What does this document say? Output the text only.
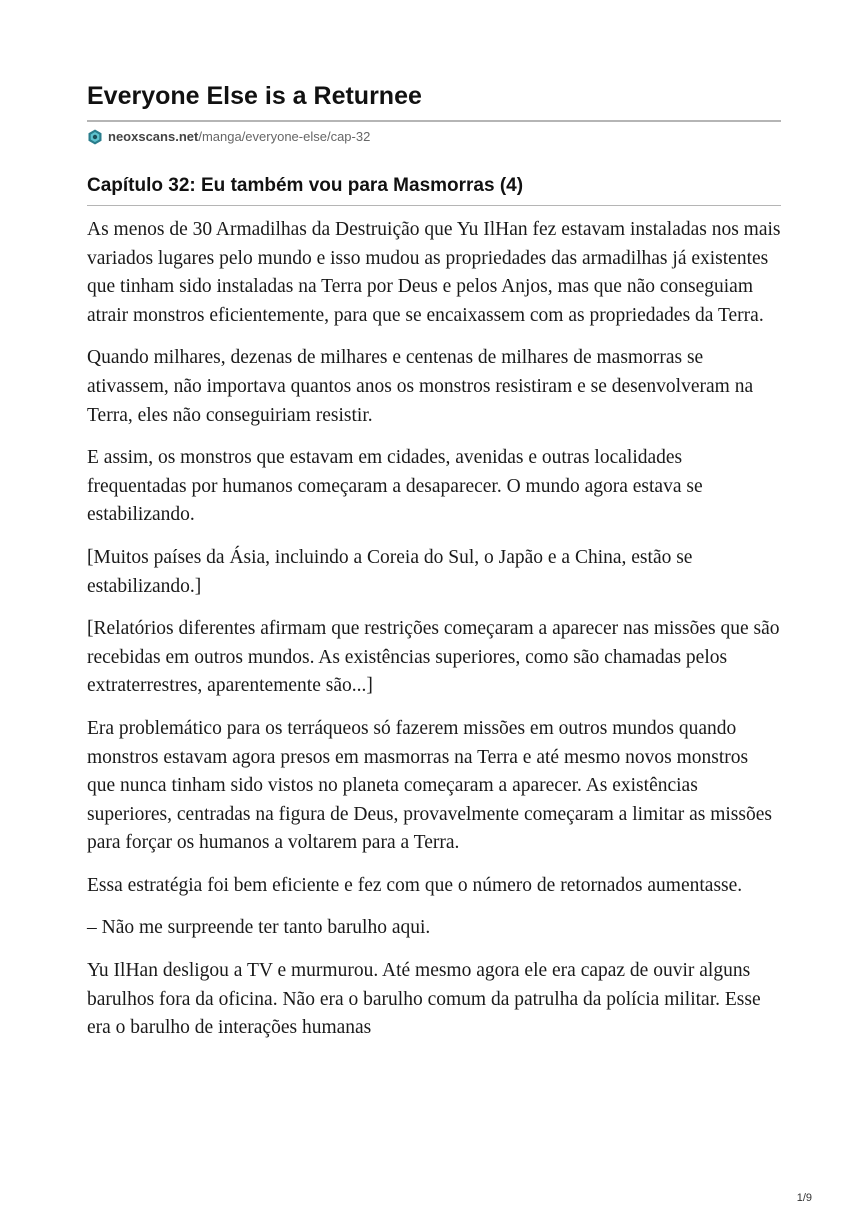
Everyone Else is a Returnee
neoxscans.net /manga/everyone-else/cap-32
Capítulo 32: Eu também vou para Masmorras (4)

As menos de 30 Armadilhas da Destruição que Yu IlHan fez estavam instaladas nos mais variados lugares pelo mundo e isso mudou as propriedades das armadilhas já existentes que tinham sido instaladas na Terra por Deus e pelos Anjos, mas que não conseguiam atrair monstros eficientemente, para que se encaixassem com as propriedades da Terra.

Quando milhares, dezenas de milhares e centenas de milhares de masmorras se ativassem, não importava quantos anos os monstros resistiram e se desenvolveram na Terra, eles não conseguiriam resistir.

E assim, os monstros que estavam em cidades, avenidas e outras localidades frequentadas por humanos começaram a desaparecer. O mundo agora estava se estabilizando.

[Muitos países da Ásia, incluindo a Coreia do Sul, o Japão e a China, estão se estabilizando.]

[Relatórios diferentes afirmam que restrições começaram a aparecer nas missões que são recebidas em outros mundos. As existências superiores, como são chamadas pelos extraterrestres, aparentemente são...]

Era problemático para os terráqueos só fazerem missões em outros mundos quando monstros estavam agora presos em masmorras na Terra e até mesmo novos monstros que nunca tinham sido vistos no planeta começaram a aparecer. As existências superiores, centradas na figura de Deus, provavelmente começaram a limitar as missões para forçar os humanos a voltarem para a Terra.

Essa estratégia foi bem eficiente e fez com que o número de retornados aumentasse.

– Não me surpreende ter tanto barulho aqui.

Yu IlHan desligou a TV e murmurou. Até mesmo agora ele era capaz de ouvir alguns barulhos fora da oficina. Não era o barulho comum da patrulha da polícia militar. Esse era o barulho de interações humanas

1/9
